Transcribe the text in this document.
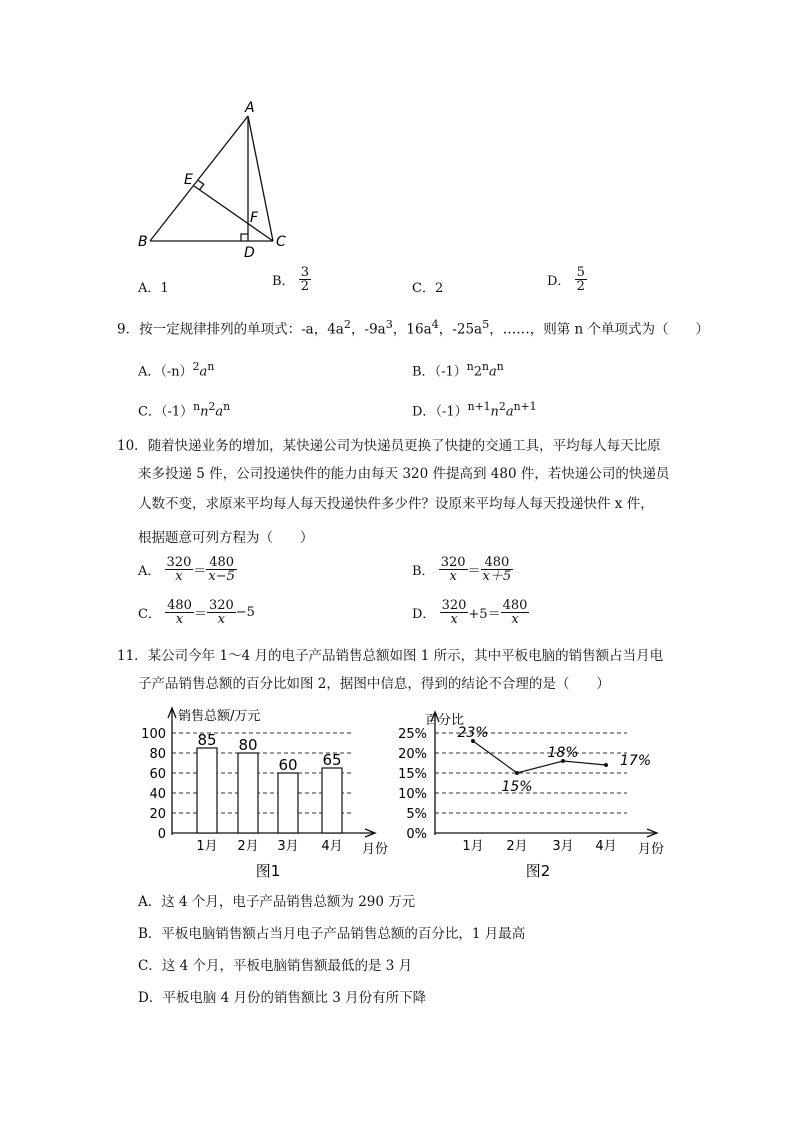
A
B	C
D
E
F
A．1	B． $\frac{3}{2}$	C．2	D． $\frac{5}{2}$
9．按一定规律排列的单项式：-a，$4a^2$，$-9a^3$，$16a^4$，$-25a^5$，……，则第 n 个单项式为（　　）
A．$(-n)^2a^n$	B．$(-1)^n2^na^n$
C．$(-1)^nn^2a^n$	D．$(-1)^{n+1}n^2a^{n+1}$
10．随着快递业务的增加，某快递公司为快递员更换了快捷的交通工具，平均每人每天比原
来多投递 5 件，公司投递快件的能力由每天 320 件提高到 480 件，若快递公司的快递员
人数不变，求原来平均每人每天投递快件多少件？设原来平均每人每天投递快件 x 件，
根据题意可列方程为（　　）
A． $\frac{320}{x} = \frac{480}{x-5}$	B． $\frac{320}{x} = \frac{480}{x+5}$
C． $\frac{480}{x} = \frac{320}{x} -5$	D． $\frac{320}{x} +5= \frac{480}{x}$
11．某公司今年 1～4 月的电子产品销售总额如图 1 所示，其中平板电脑的销售额占当月电
子产品销售总额的百分比如图 2，据图中信息，得到的结论不合理的是（　　）
销售总额/万元
0
20
40
60
80
100 85
1月
80
2月
60
3月
65
4月 月份
图1
百分比
0%
5%
10%
15%
20%
25% 23%
1月
15%
2月
18%
3月
17%
4月 月份
图2
A．这 4 个月，电子产品销售总额为 290 万元
B．平板电脑销售额占当月电子产品销售总额的百分比，1 月最高
C．这 4 个月，平板电脑销售额最低的是 3 月
D．平板电脑 4 月份的销售额比 3 月份有所下降
